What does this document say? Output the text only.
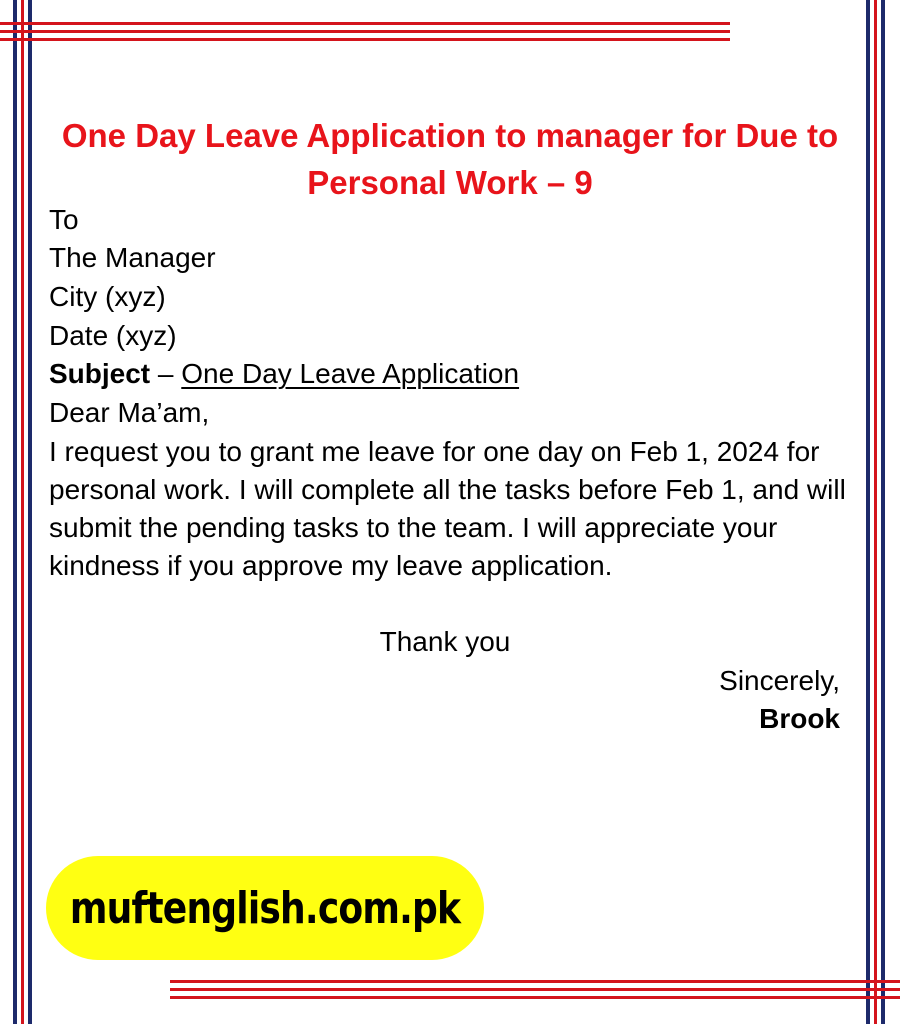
One Day Leave Application to manager for Due to Personal Work – 9
To
The Manager
City (xyz)
Date (xyz)
Subject – One Day Leave Application
Dear Ma’am,
I request you to grant me leave for one day on Feb 1, 2024 for personal work. I will complete all the tasks before Feb 1, and will submit the pending tasks to the team. I will appreciate your kindness if you approve my leave application.
Thank you
Sincerely,
Brook
muftenglish.com.pk
